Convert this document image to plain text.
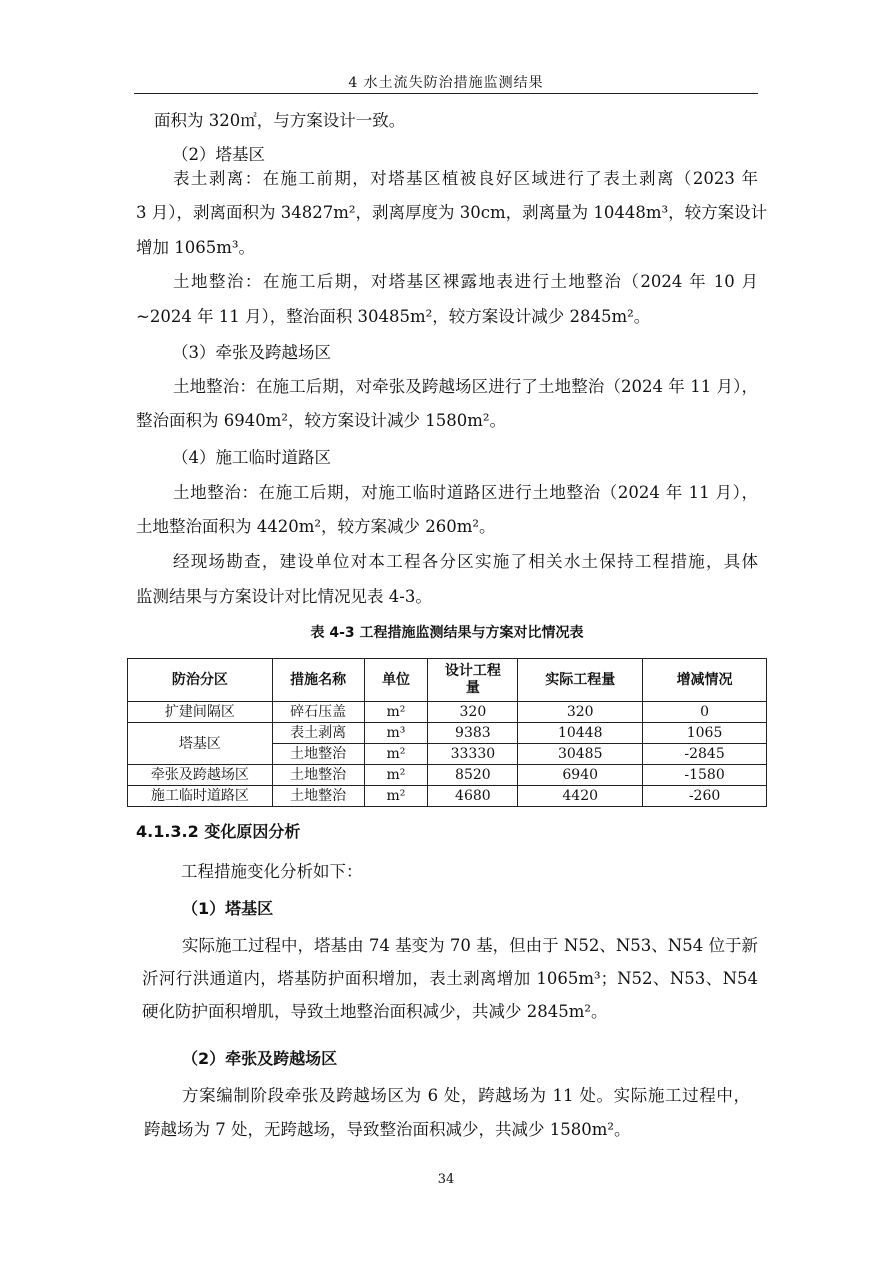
4 水土流失防治措施监测结果
面积为 320㎡，与方案设计一致。
（2）塔基区
表土剥离：在施工前期，对塔基区植被良好区域进行了表土剥离（2023 年
3 月），剥离面积为 34827m²，剥离厚度为 30cm，剥离量为 10448m³，较方案设计
增加 1065m³。
土地整治：在施工后期，对塔基区裸露地表进行土地整治（2024 年 10 月
~2024 年 11 月），整治面积 30485m²，较方案设计减少 2845m²。
（3）牵张及跨越场区
土地整治：在施工后期，对牵张及跨越场区进行了土地整治（2024 年 11 月），
整治面积为 6940m²，较方案设计减少 1580m²。
（4）施工临时道路区
土地整治：在施工后期，对施工临时道路区进行土地整治（2024 年 11 月），
土地整治面积为 4420m²，较方案减少 260m²。
经现场勘查，建设单位对本工程各分区实施了相关水土保持工程措施，具体
监测结果与方案设计对比情况见表 4-3。
表 4-3 工程措施监测结果与方案对比情况表
防治分区	措施名称	单位	设计工程量	实际工程量	增减情况
扩建间隔区	碎石压盖	m²	320	320	0
塔基区	表土剥离	m³	9383	10448	1065
	土地整治	m²	33330	30485	-2845
牵张及跨越场区	土地整治	m²	8520	6940	-1580
施工临时道路区	土地整治	m²	4680	4420	-260
4.1.3.2 变化原因分析
工程措施变化分析如下：
（1）塔基区
实际施工过程中，塔基由 74 基变为 70 基，但由于 N52、N53、N54 位于新
沂河行洪通道内，塔基防护面积增加，表土剥离增加 1065m³；N52、N53、N54
硬化防护面积增肌，导致土地整治面积减少，共减少 2845m²。
（2）牵张及跨越场区
方案编制阶段牵张及跨越场区为 6 处，跨越场为 11 处。实际施工过程中，
跨越场为 7 处，无跨越场，导致整治面积减少，共减少 1580m²。
34
